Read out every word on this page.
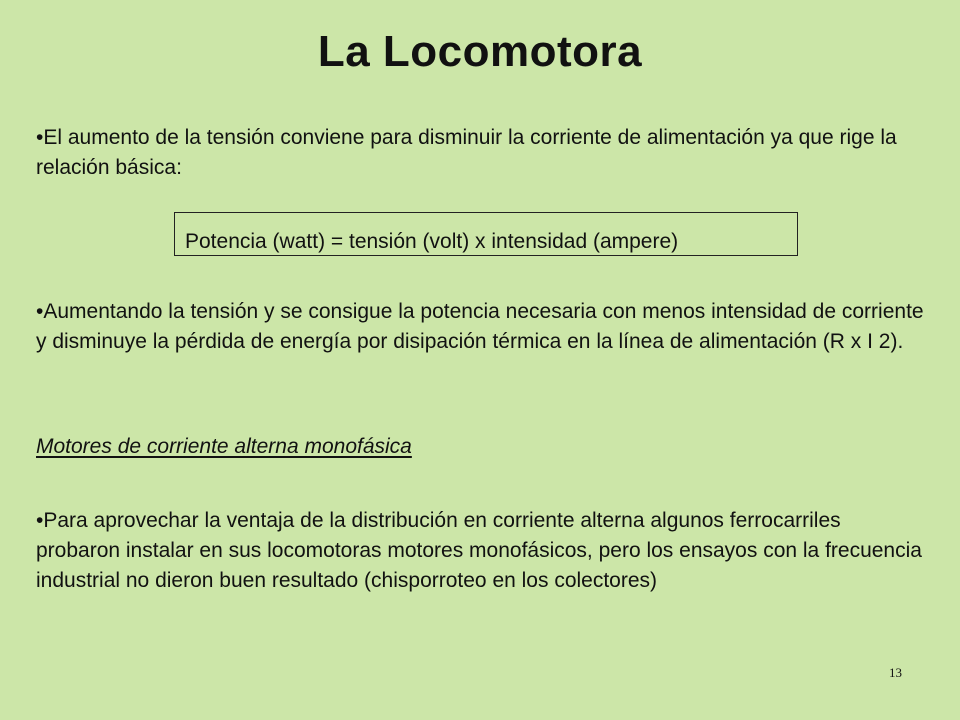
La Locomotora
•El aumento de la tensión conviene para disminuir la corriente de alimentación ya que rige la relación básica:
Potencia (watt) = tensión (volt) x intensidad (ampere)
•Aumentando la tensión y se consigue la potencia necesaria con menos intensidad de corriente y disminuye la pérdida de energía por disipación térmica en la línea de alimentación (R x I 2).
Motores de corriente alterna monofásica
•Para aprovechar la ventaja de la distribución en corriente alterna algunos ferrocarriles probaron instalar en sus locomotoras motores monofásicos, pero los ensayos con la frecuencia industrial no dieron buen resultado (chisporroteo en los colectores)
13
